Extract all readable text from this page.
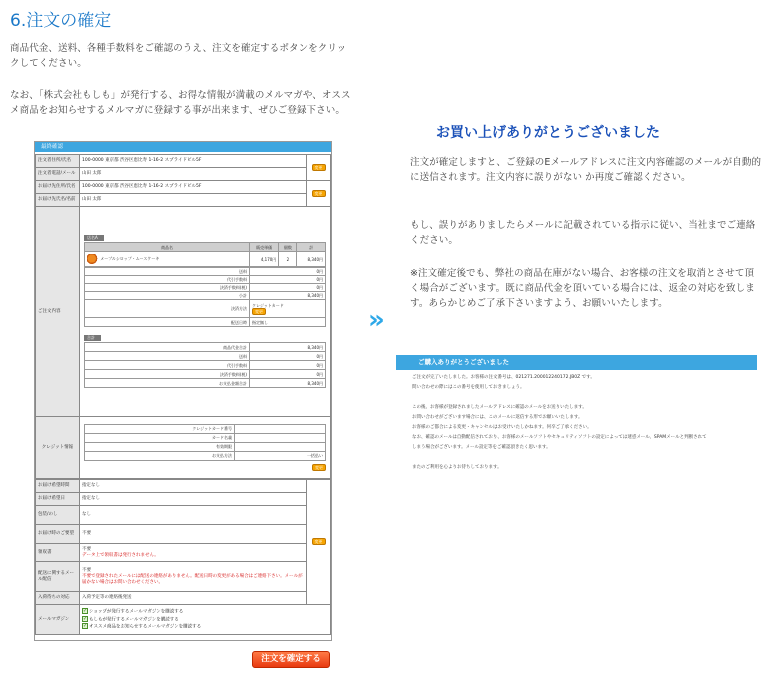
6.注文の確定

商品代金、送料、各種手数料をご確認のうえ、注文を確定するボタンをクリックしてください。

なお、「株式会社もしも」が発行する、お得な情報が満載のメルマガや、オススメ商品をお知らせするメルマガに登録する事が出来ます、ぜひご登録下さい。

最終確認
注文者住所/氏名	100-0000 東京都 渋谷区恵比寿 1-16-2 スプライドビル5F	変更
注文者電話/メール	山田 太郎
お届け先住所/氏名	100-0000 東京都 渋谷区恵比寿 1-16-2 スプライドビル5F	変更
お届け先氏名/名前	山田 太郎
ご注文内容	店名A
商品名	販売単価	個数	計
メープルシロップ・ムースケーキ	4,170円	2	8,340円
送料	0円
代引手数料	0円
決済手数料(税)	0円
小計	8,340円
決済方法	クレジットカード
変更
配送日時	指定無し
合計
商品代金合計	8,340円
送料	0円
代引手数料	0円
決済手数料(税)	0円
お支払金額合計	8,340円

クレジット情報	
クレジットカード番号	
カード名義	
有効期限	
お支払方法	一括払い
変更
お届け希望時間	指定なし	変更
お届け希望日	指定なし	
包装/のし	なし	
お届け時のご要望	不要	
領収書	不要
データ上で領収書は発行されません。	

配送に関するメール配信	不要
不要で登録されたメールには配送の連絡がありません。配送日時の変更がある場合はご連絡下さい。メールが届かない場合はお問い合わせください。	

入荷待ちの対応	入荷予定等の連絡後発送	
メールマガジン	✓ ショップが発行するメールマガジンを購読する
✓ もしもが発行するメールマガジンを購読する
✓ オススメ商品をお知らせするメールマガジンを購読する	
注文を確定する
»
お買い上げありがとうございました

注文が確定しますと、ご登録のEメールアドレスに注文内容確認のメールが自動的に送信されます。注文内容に誤りがない か再度ご確認ください。

もし、誤りがありましたらメールに記載されている指示に従い、当社までご連絡ください。

※注文確定後でも、弊社の商品在庫がない場合、お客様の注文を取消とさせて頂く場合がございます。既に商品代金を頂いている場合には、返金の対応を致します。あらかじめご了承下さいますよう、お願いいたします。

ご購入ありがとうございました
ご注文が完了いたしました。お客様の注文番号は、021271.200012240172.JB0Z です。
問い合わせの際にはこの番号を使用しておきましょう。
この後、お客様が登録されましたメールアドレスに確認のメールをお送りいたします。
お問い合わせがございます場合には、このメールに返信する形でお願いいたします。
お客様のご都合による変更・キャンセルはお受けいたしかねます。何卒ご了承ください。
なお、確認のメールは自動配信されており、お客様のメールソフトやセキュリティソフトの設定によっては迷惑メール、SPAMメールと判断されて
しまう場合がございます。メール設定等をご確認頂きたく思います。
またのご利用を心よりお待ちしております。
